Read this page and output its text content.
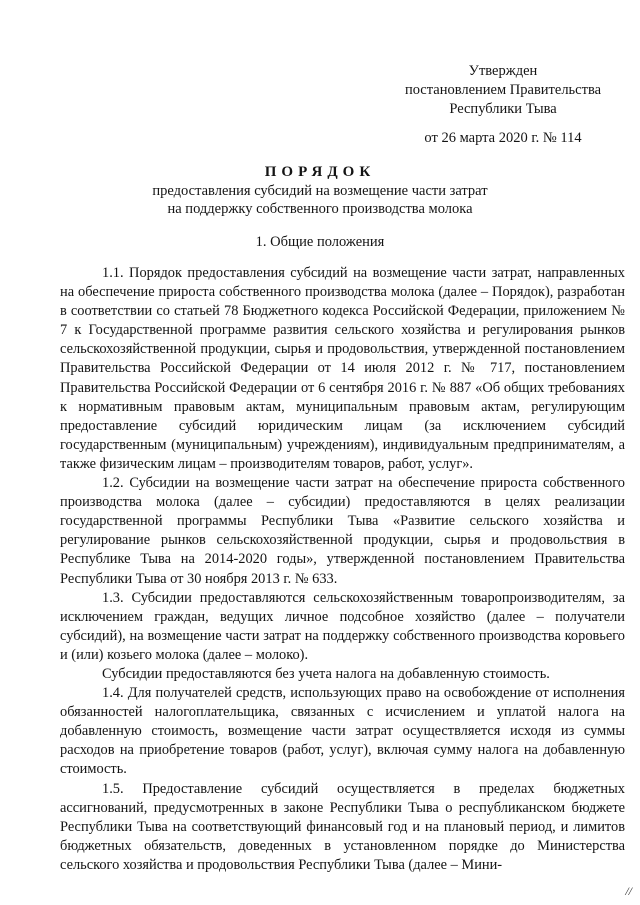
Утвержден
постановлением Правительства
Республики Тыва
от 26 марта 2020 г. № 114
ПОРЯДОК
предоставления субсидий на возмещение части затрат
на поддержку собственного производства молока
1. Общие положения

1.1. Порядок предоставления субсидий на возмещение части затрат, направленных на обеспечение прироста собственного производства молока (далее – Порядок), разработан в соответствии со статьей 78 Бюджетного кодекса Российской Федерации, приложением № 7 к Государственной программе развития сельского хозяйства и регулирования рынков сельскохозяйственной продукции, сырья и продовольствия, утвержденной постановлением Правительства Российской Федерации от 14 июля 2012 г. № 717, постановлением Правительства Российской Федерации от 6 сентября 2016 г. № 887 «Об общих требованиях к нормативным правовым актам, муниципальным правовым актам, регулирующим предоставление субсидий юридическим лицам (за исключением субсидий государственным (муниципальным) учреждениям), индивидуальным предпринимателям, а также физическим лицам – производителям товаров, работ, услуг».

1.2. Субсидии на возмещение части затрат на обеспечение прироста собственного производства молока (далее – субсидии) предоставляются в целях реализации государственной программы Республики Тыва «Развитие сельского хозяйства и регулирование рынков сельскохозяйственной продукции, сырья и продовольствия в Республике Тыва на 2014-2020 годы», утвержденной постановлением Правительства Республики Тыва от 30 ноября 2013 г. № 633.

1.3. Субсидии предоставляются сельскохозяйственным товаропроизводителям, за исключением граждан, ведущих личное подсобное хозяйство (далее – получатели субсидий), на возмещение части затрат на поддержку собственного производства коровьего и (или) козьего молока (далее – молоко).

Субсидии предоставляются без учета налога на добавленную стоимость.

1.4. Для получателей средств, использующих право на освобождение от исполнения обязанностей налогоплательщика, связанных с исчислением и уплатой налога на добавленную стоимость, возмещение части затрат осуществляется исходя из суммы расходов на приобретение товаров (работ, услуг), включая сумму налога на добавленную стоимость.

1.5. Предоставление субсидий осуществляется в пределах бюджетных ассигнований, предусмотренных в законе Республики Тыва о республиканском бюджете Республики Тыва на соответствующий финансовый год и на плановый период, и лимитов бюджетных обязательств, доведенных в установленном порядке до Министерства сельского хозяйства и продовольствия Республики Тыва (далее – Мини-

//
